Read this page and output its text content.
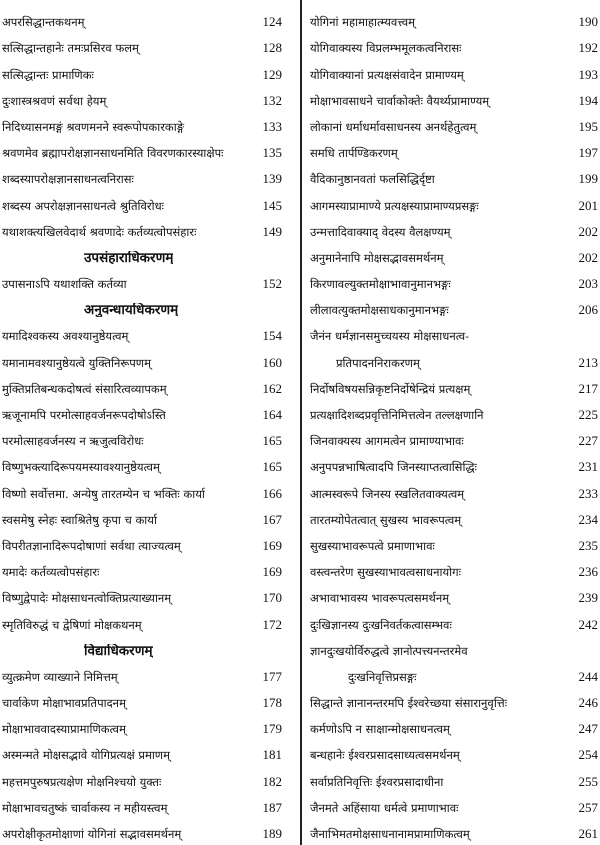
अपरसिद्धान्तकथनम्	124
सत्सिद्धान्तहानेः तमःप्रसिरव फलम्	128
सत्सिद्धान्तः प्रामाणिकः	129
दुःशास्त्रश्रवणं सर्वथा हेयम्	132
निदिध्यासनमङ्गं श्रवणमनने स्वरूपोपकारकाङ्गे	133
श्रवणमेव ब्रह्मापरोक्षज्ञानसाधनमिति विवरणकारस्याक्षेपः	135
शब्दस्यापरोक्षज्ञानसाधनत्वनिरासः	139
शब्दस्य अपरोक्षज्ञानसाधनत्वे श्रुतिविरोधः	145
यथाशक्त्यखिलवेदार्थ श्रवणादेः कर्तव्यत्वोपसंहारः	149
उपसंहाराधिकरणम्
उपासनाऽपि यथाशक्ति कर्तव्या	152
अनुवन्धायधिकरणम्
यमादिश्वकस्य अवश्यानुष्ठेयत्वम्	154
यमानामवश्यानुष्ठेयत्वे युक्तिनिरूपणम्	160
मुक्तिप्रतिबन्धकदोषत्वं संसारित्वव्यापकम्	162
ऋजूनामपि परमोत्साहवर्जनरूपदोषोऽस्ति	164
परमोत्साहवर्जनस्य न ऋजुत्वविरोधः	165
विष्णुभक्त्यादिरूपयमस्यावश्यानुष्ठेयत्वम्	165
विष्णो सर्वोत्तमा. अन्येषु तारतम्येन च भक्तिः कार्या	166
स्वसमेषु स्नेहः स्वाश्रितेषु कृपा च कार्या	167
विपरीतज्ञानादिरूपदोषाणां सर्वथा त्याज्यत्वम्	169
यमादेः कर्तव्यत्वोपसंहारः	169
विष्णुद्वेपादेः मोक्षसाधनत्वोक्तिप्रत्याख्यानम्	170
स्मृतिविरुद्धं च द्वेषिणां मोक्षकथनम्	172
विद्याधिकरणम्
व्युत्क्रमेण व्याख्याने निमित्तम्	177
चार्वाकेण मोक्षाभावप्रतिपादनम्	178
मोक्षाभाववादस्याप्रामाणिकत्वम्	179
अस्मन्मते मोक्षसद्भावे योगिप्रत्यक्षं प्रमाणम्	181
महत्तमपुरुषप्रत्यक्षेण मोक्षनिश्चयो युक्तः	182
मोक्षाभावचतुष्कं चार्वाकस्य न महीयस्त्वम्	187
अपरोक्षीकृतमोक्षाणां योगिनां सद्भावसमर्थनम्	189
योगिनां महामाहात्म्यवत्त्वम्	190
योगिवाक्यस्य विप्रलम्भमूलकत्वनिरासः	192
योगिवाक्यानां प्रत्यक्षसंवादेन प्रामाण्यम्	193
मोक्षाभावसाधने चार्वाकोक्तेः वैयर्थ्यप्रामाण्यम्	194
लोकानां धर्माधर्मावसाधनस्य अनर्थहेतुत्वम्	195
समधि तार्पण्डिकरणम्	197
वैदिकानुष्ठानवतां फलसिद्धिर्दृष्टा	199
आगमस्याप्रामाण्ये प्रत्यक्षस्याप्रामाण्यप्रसङ्गः	201
उन्मत्तादिवाक्याद् वेदस्य वैलक्षण्यम्	202
अनुमानेनापि मोक्षसद्भावसमर्थनम्	202
किरणावल्युक्तमोक्षाभावानुमानभङ्गः	203
लीलावत्युक्तमोक्षसाधकानुमानभङ्गः	206
जैनंन धर्मज्ञानसमुच्चयस्य मोक्षसाधनत्व-
प्रतिपादननिराकरणम्	213
निर्दोषविषयसन्निकृष्टनिर्दोषेन्द्रियं प्रत्यक्षम्	217
प्रत्यक्षादिशब्दप्रवृत्तिनिमित्तत्वेन तल्लक्षणानि	225
जिनवाक्यस्य आगमत्वेन प्रामाण्याभावः	227
अनुपपन्नभाषित्वादपि जिनस्याप्तत्वासिद्धिः	231
आत्मस्वरूपे जिनस्य स्खलितवाक्यत्वम्	233
तारतम्योपेतत्वात् सुखस्य भावरूपत्वम्	234
सुखस्याभावरूपत्वे प्रमाणाभावः	235
वस्त्वन्तरेण सुखस्याभावत्वसाधनायोगः	236
अभावाभावस्य भावरूपत्वसमर्थनम्	239
दुःखिज्ञानस्य दुःखनिवर्तकत्वासम्भवः	242
ज्ञानदुःखयोर्विरुद्धत्वे ज्ञानोत्पत्त्यनन्तरमेव
दुःखनिवृत्तिप्रसङ्गः	244
सिद्धान्ते ज्ञानानन्तरमपि ईश्वरेच्छया संसारानुवृत्तिः	246
कर्मणोऽपि न साक्षान्मोक्षसाधनत्वम्	247
बन्धहानेः ईश्वरप्रसादसाध्यत्वसमर्थनम्	254
सर्वाप्रतिनिवृत्तिः ईश्वरप्रसादाधीना	255
जैनमते अहिंसाया धर्मत्वे प्रमाणाभावः	257
जैनाभिमतमोक्षसाधनानामप्रामाणिकत्वम्	261
